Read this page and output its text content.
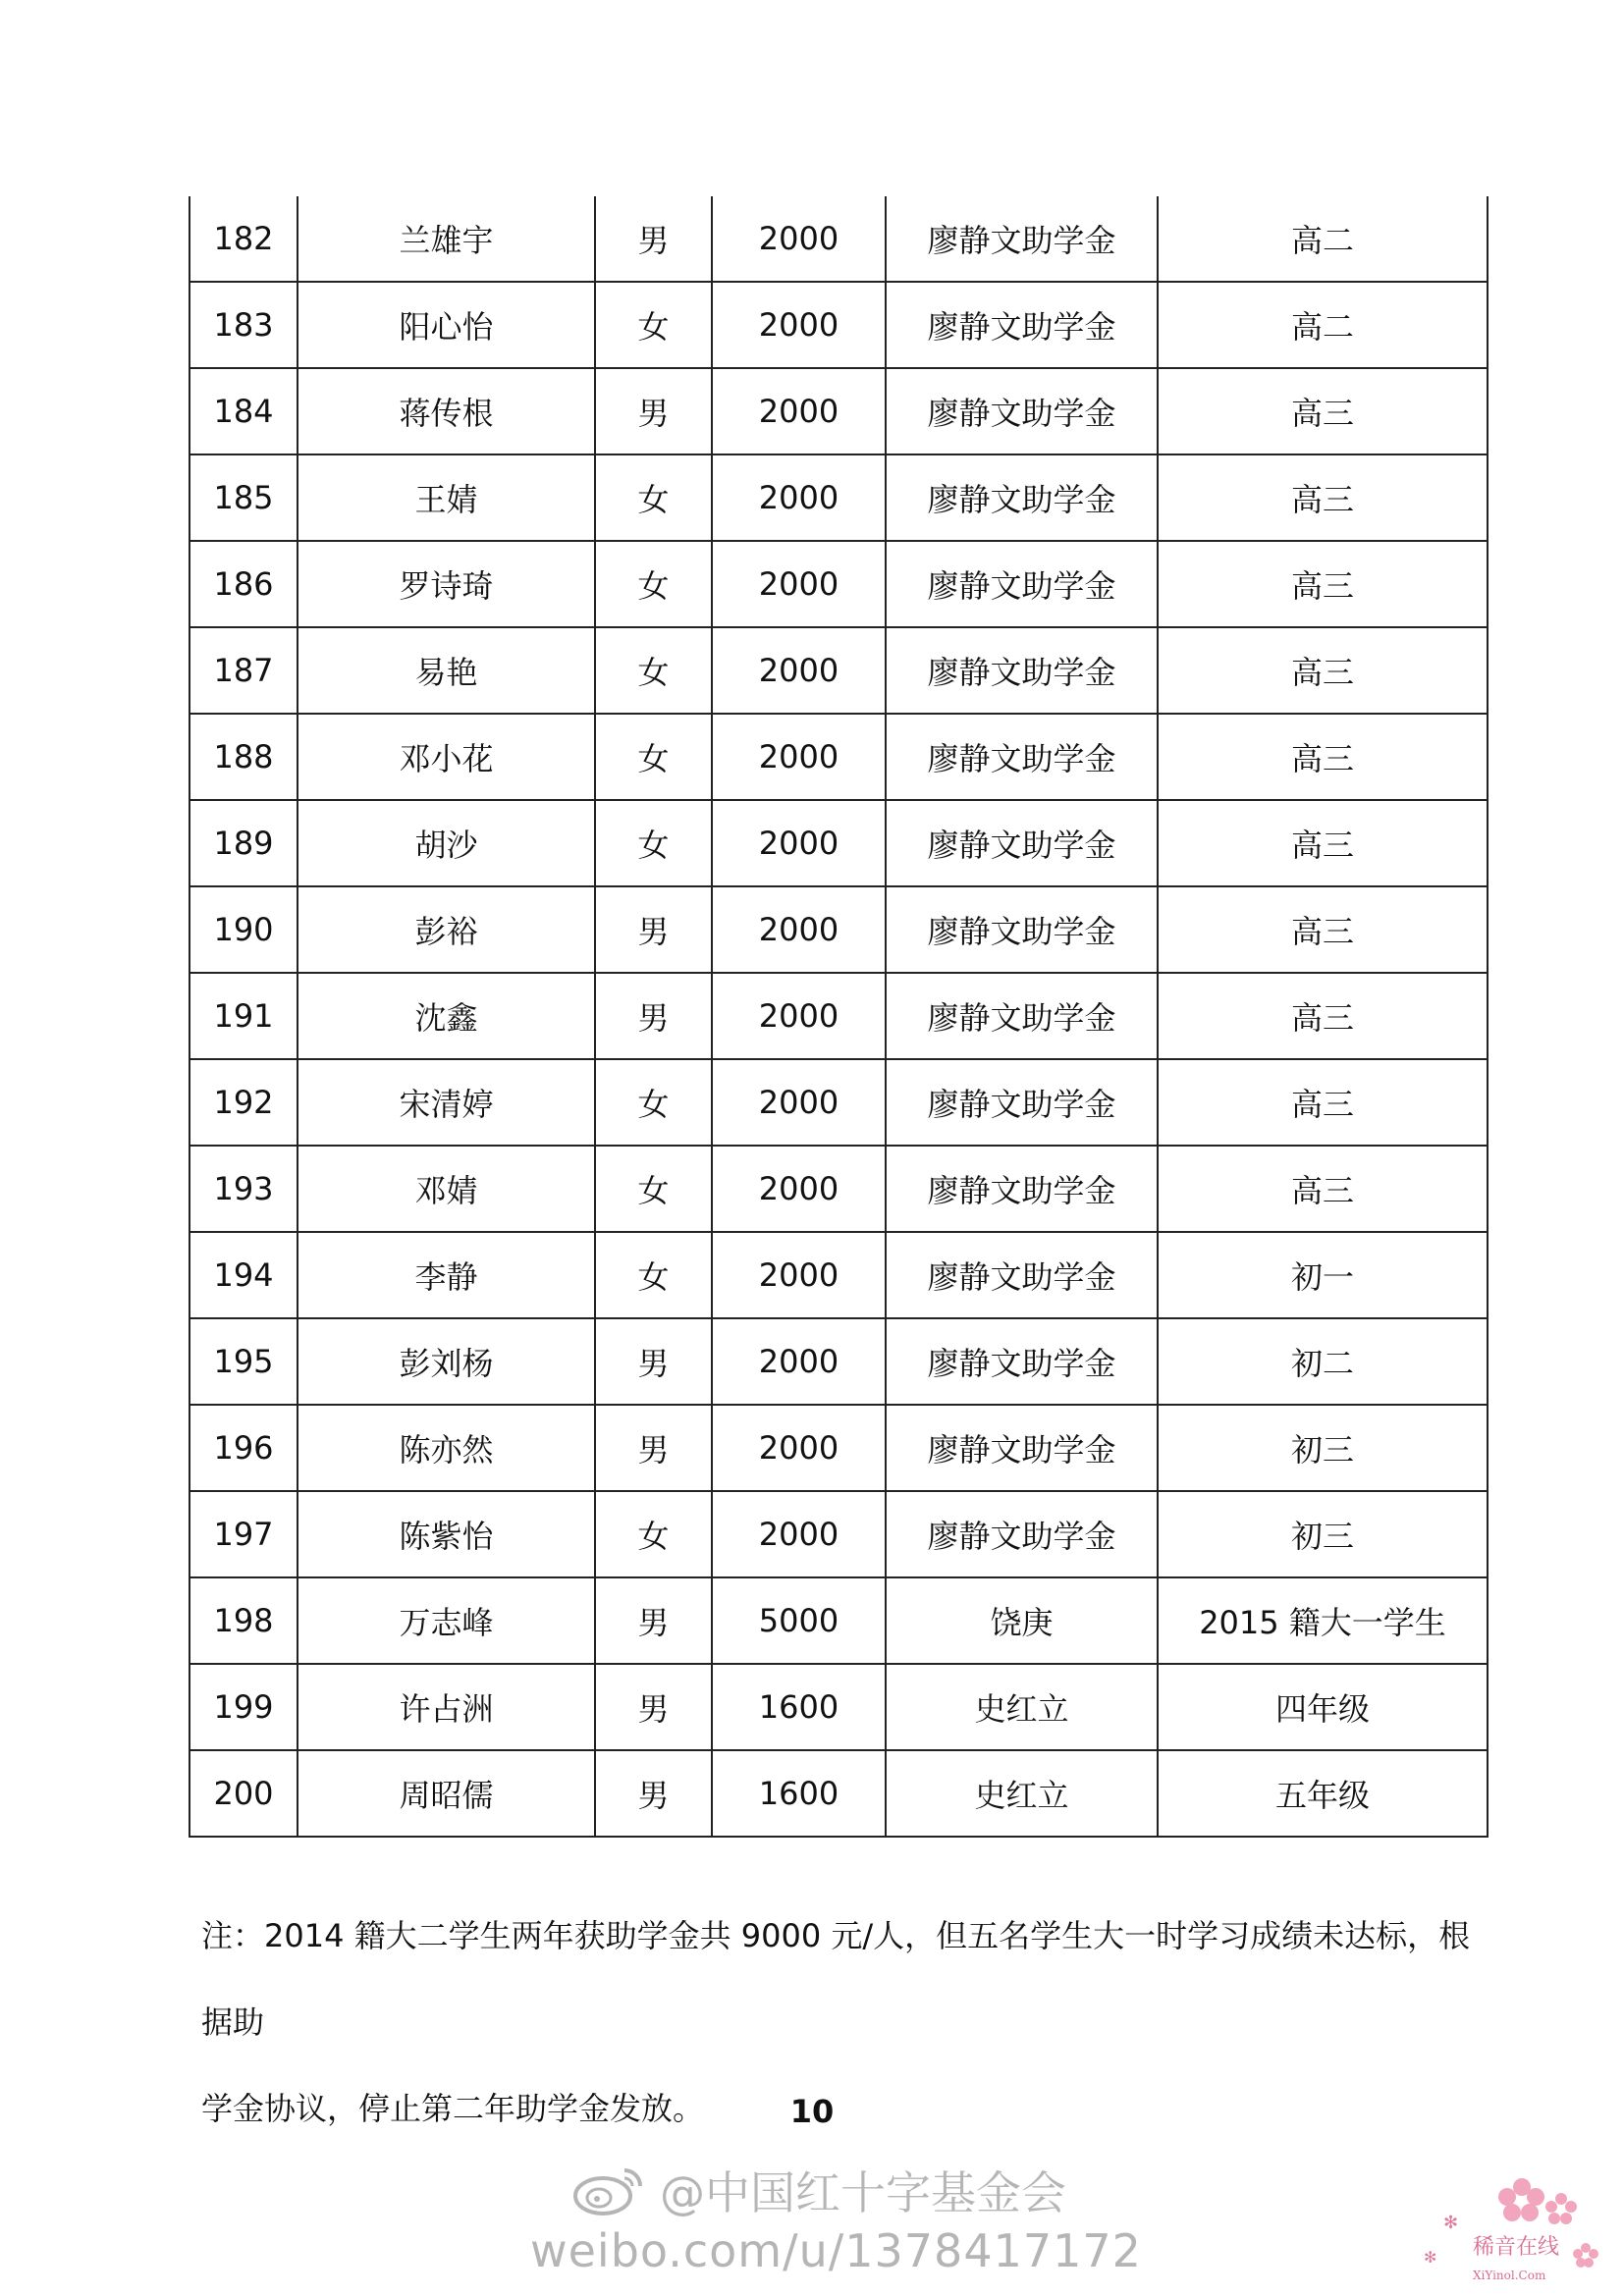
182	兰雄宇	男	2000	廖静文助学金	高二
183	阳心怡	女	2000	廖静文助学金	高二
184	蒋传根	男	2000	廖静文助学金	高三
185	王婧	女	2000	廖静文助学金	高三
186	罗诗琦	女	2000	廖静文助学金	高三
187	易艳	女	2000	廖静文助学金	高三
188	邓小花	女	2000	廖静文助学金	高三
189	胡沙	女	2000	廖静文助学金	高三
190	彭裕	男	2000	廖静文助学金	高三
191	沈鑫	男	2000	廖静文助学金	高三
192	宋清婷	女	2000	廖静文助学金	高三
193	邓婧	女	2000	廖静文助学金	高三
194	李静	女	2000	廖静文助学金	初一
195	彭刘杨	男	2000	廖静文助学金	初二
196	陈亦然	男	2000	廖静文助学金	初三
197	陈紫怡	女	2000	廖静文助学金	初三
198	万志峰	男	5000	饶庚	2015 籍大一学生
199	许占洲	男	1600	史红立	四年级
200	周昭儒	男	1600	史红立	五年级
注：2014 籍大二学生两年获助学金共 9000 元/人，但五名学生大一时学习成绩未达标，根据助
学金协议，停止第二年助学金发放。	10
@中国红十字基金会
weibo.com/u/1378417172
✻
✻ 稀音在线
XiYinol.Com
